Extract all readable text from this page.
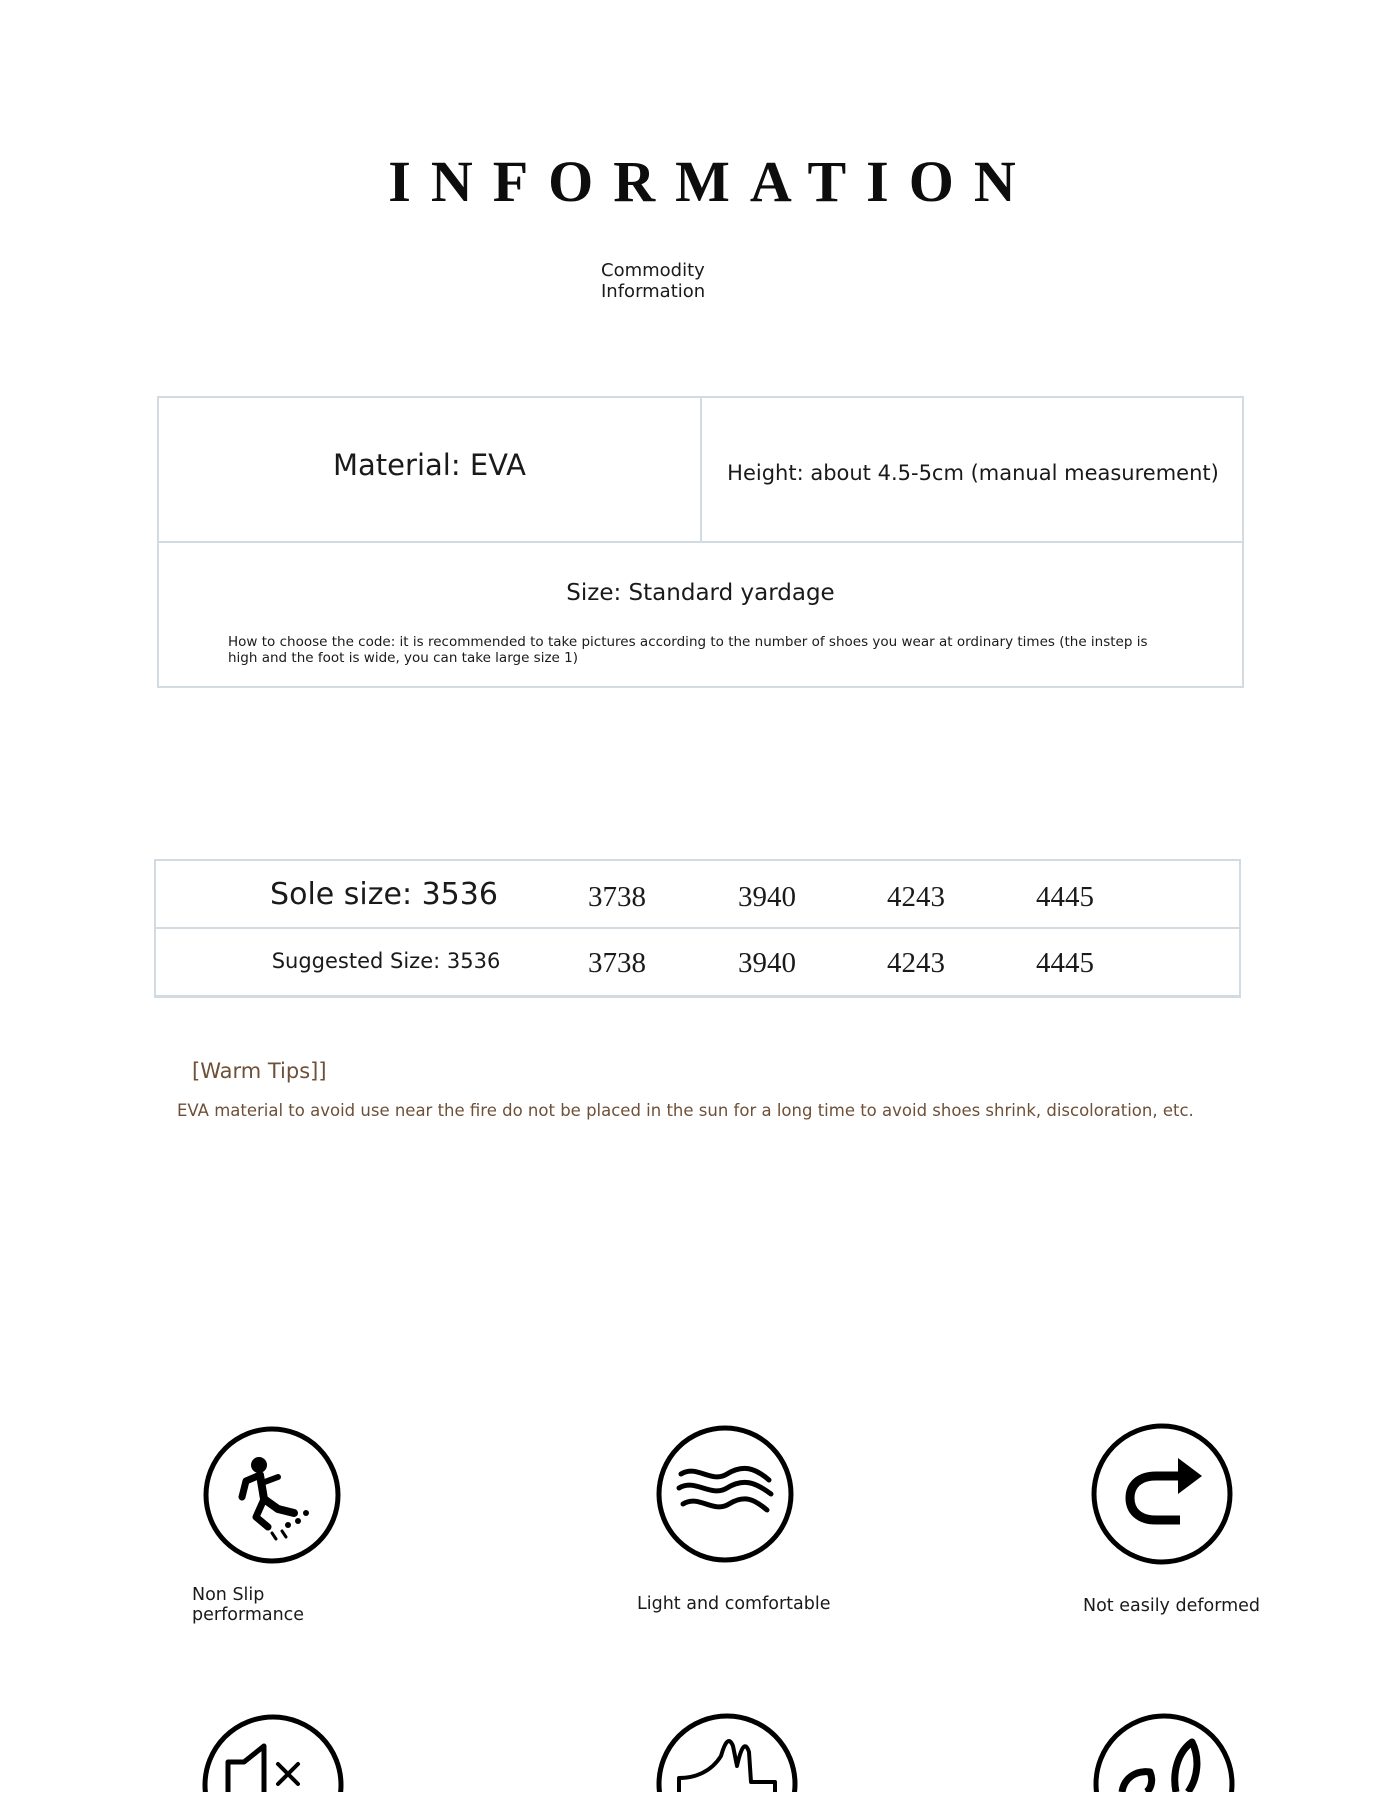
INFORMATION
Commodity
Information
Material: EVA	Height: about 4.5-5cm (manual measurement)
Size: Standard yardage
How to choose the code: it is recommended to take pictures according to the number of shoes you wear at ordinary times (the instep is high and the foot is wide, you can take large size 1)
Sole size: 3536	3738	3940	4243	4445
Suggested Size: 3536	3738	3940	4243	4445
[Warm Tips]]
EVA material to avoid use near the fire do not be placed in the sun for a long time to avoid shoes shrink, discoloration, etc.
Non Slip
performance
Light and comfortable	Not easily deformed
